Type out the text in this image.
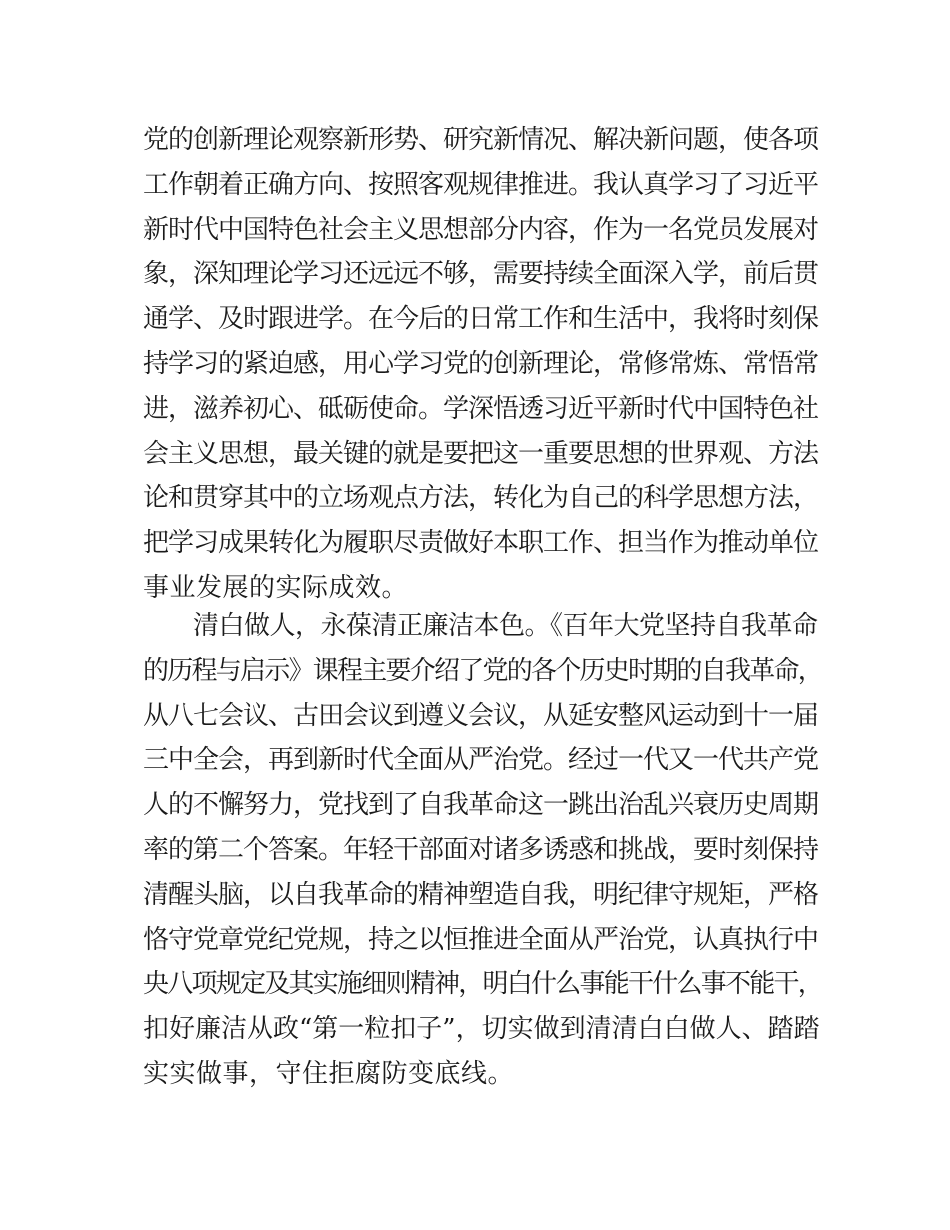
党的创新理论观察新形势、研究新情况、解决新问题，使各项
工作朝着正确方向、按照客观规律推进。我认真学习了习近平
新时代中国特色社会主义思想部分内容，作为一名党员发展对
象，深知理论学习还远远不够，需要持续全面深入学，前后贯
通学、及时跟进学。在今后的日常工作和生活中，我将时刻保
持学习的紧迫感，用心学习党的创新理论，常修常炼、常悟常
进，滋养初心、砥砺使命。学深悟透习近平新时代中国特色社
会主义思想，最关键的就是要把这一重要思想的世界观、方法
论和贯穿其中的立场观点方法，转化为自己的科学思想方法，
把学习成果转化为履职尽责做好本职工作、担当作为推动单位
事业发展的实际成效。
清白做人，永葆清正廉洁本色。《百年大党坚持自我革命
的历程与启示》课程主要介绍了党的各个历史时期的自我革命，
从八七会议、古田会议到遵义会议，从延安整风运动到十一届
三中全会，再到新时代全面从严治党。经过一代又一代共产党
人的不懈努力，党找到了自我革命这一跳出治乱兴衰历史周期
率的第二个答案。年轻干部面对诸多诱惑和挑战，要时刻保持
清醒头脑，以自我革命的精神塑造自我，明纪律守规矩，严格
恪守党章党纪党规，持之以恒推进全面从严治党，认真执行中
央八项规定及其实施细则精神，明白什么事能干什么事不能干，
扣好廉洁从政“第一粒扣子”，切实做到清清白白做人、踏踏
实实做事，守住拒腐防变底线。
